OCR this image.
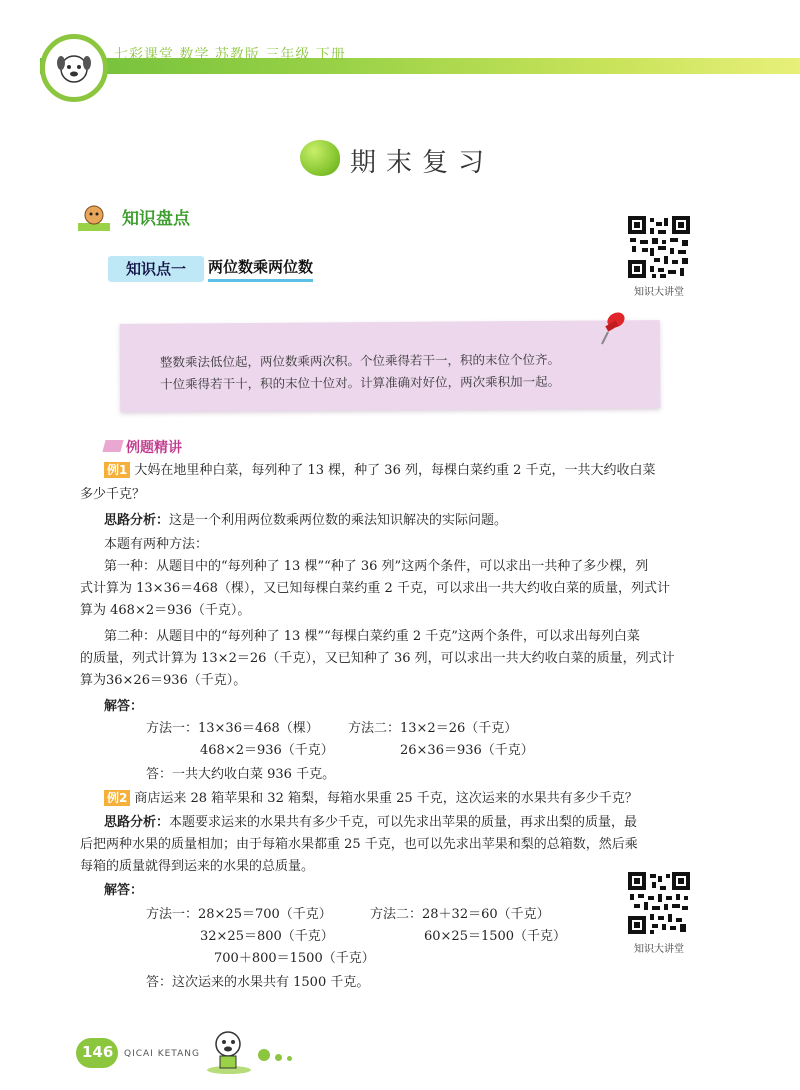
七彩课堂 数学 苏教版 三年级 下册
期末复习
知识盘点
知识点一	两位数乘两位数
知识大讲堂
整数乘法低位起，两位数乘两次积。个位乘得若干一，积的末位个位齐。
十位乘得若干十，积的末位十位对。计算准确对好位，两次乘积加一起。
例题精讲
例1 大妈在地里种白菜，每列种了 13 棵，种了 36 列，每棵白菜约重 2 千克，一共大约收白菜
多少千克？
思路分析：这是一个利用两位数乘两位数的乘法知识解决的实际问题。
本题有两种方法：
第一种：从题目中的“每列种了 13 棵”“种了 36 列”这两个条件，可以求出一共种了多少棵，列
式计算为 13×36＝468（棵），又已知每棵白菜约重 2 千克，可以求出一共大约收白菜的质量，列式计
算为 468×2＝936（千克）。
第二种：从题目中的“每列种了 13 棵”“每棵白菜约重 2 千克”这两个条件，可以求出每列白菜
的质量，列式计算为 13×2＝26（千克），又已知种了 36 列，可以求出一共大约收白菜的质量，列式计
算为36×26＝936（千克）。
解答：
方法一：13×36＝468（棵）
468×2＝936（千克）
方法二：13×2＝26（千克）
26×36＝936（千克）
答：一共大约收白菜 936 千克。
例2 商店运来 28 箱苹果和 32 箱梨，每箱水果重 25 千克，这次运来的水果共有多少千克？
思路分析：本题要求运来的水果共有多少千克，可以先求出苹果的质量，再求出梨的质量，最
后把两种水果的质量相加；由于每箱水果都重 25 千克，也可以先求出苹果和梨的总箱数，然后乘
每箱的质量就得到运来的水果的总质量。
解答：
方法一：28×25＝700（千克）
32×25＝800（千克）
700＋800＝1500（千克）
方法二：28＋32＝60（千克）
60×25＝1500（千克）
答：这次运来的水果共有 1500 千克。
知识大讲堂
146 QICAI KETANG
